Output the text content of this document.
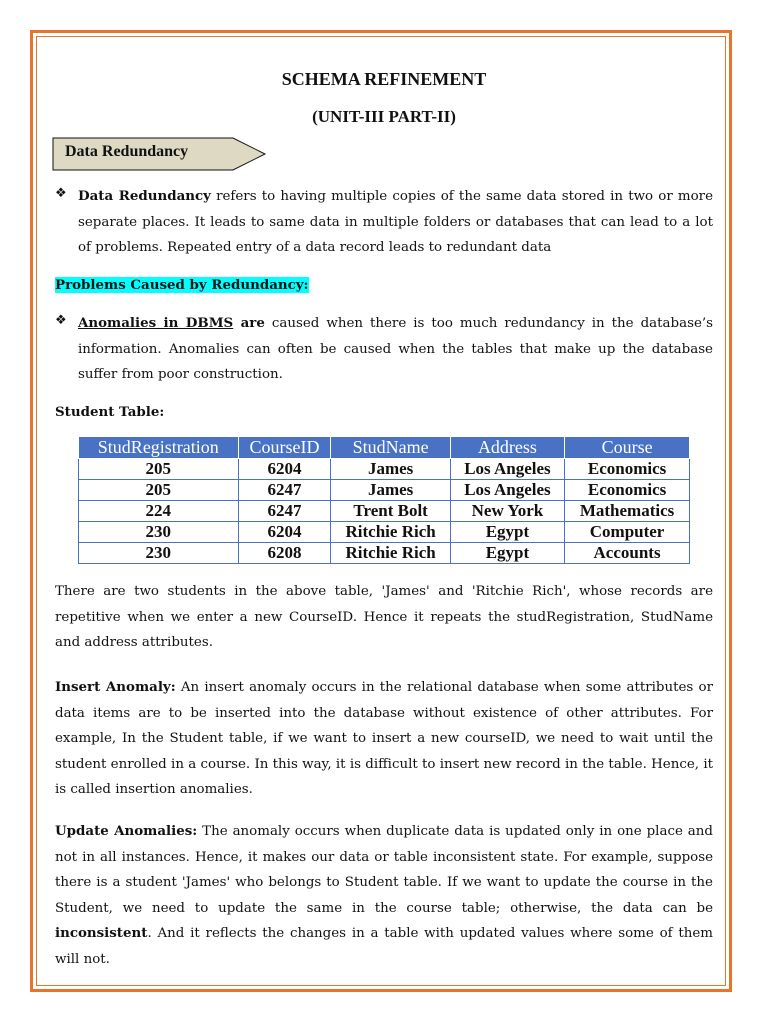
SCHEMA REFINEMENT
(UNIT-III PART-II)
Data Redundancy
❖ Data Redundancy refers to having multiple copies of the same data stored in two or more separate places. It leads to same data in multiple folders or databases that can lead to a lot of problems. Repeated entry of a data record leads to redundant data
Problems Caused by Redundancy:
❖ Anomalies in DBMS are caused when there is too much redundancy in the database’s information. Anomalies can often be caused when the tables that make up the database suffer from poor construction.
Student Table:
StudRegistration	CourseID	StudName	Address	Course
205	6204	James	Los Angeles	Economics
205	6247	James	Los Angeles	Economics
224	6247	Trent Bolt	New York	Mathematics
230	6204	Ritchie Rich	Egypt	Computer
230	6208	Ritchie Rich	Egypt	Accounts
There are two students in the above table, 'James' and 'Ritchie Rich', whose records are repetitive when we enter a new CourseID. Hence it repeats the studRegistration, StudName and address attributes.
Insert Anomaly: An insert anomaly occurs in the relational database when some attributes or data items are to be inserted into the database without existence of other attributes. For example, In the Student table, if we want to insert a new courseID, we need to wait until the student enrolled in a course. In this way, it is difficult to insert new record in the table. Hence, it is called insertion anomalies.
Update Anomalies: The anomaly occurs when duplicate data is updated only in one place and not in all instances. Hence, it makes our data or table inconsistent state. For example, suppose there is a student 'James' who belongs to Student table. If we want to update the course in the Student, we need to update the same in the course table; otherwise, the data can be inconsistent. And it reflects the changes in a table with updated values where some of them will not.
